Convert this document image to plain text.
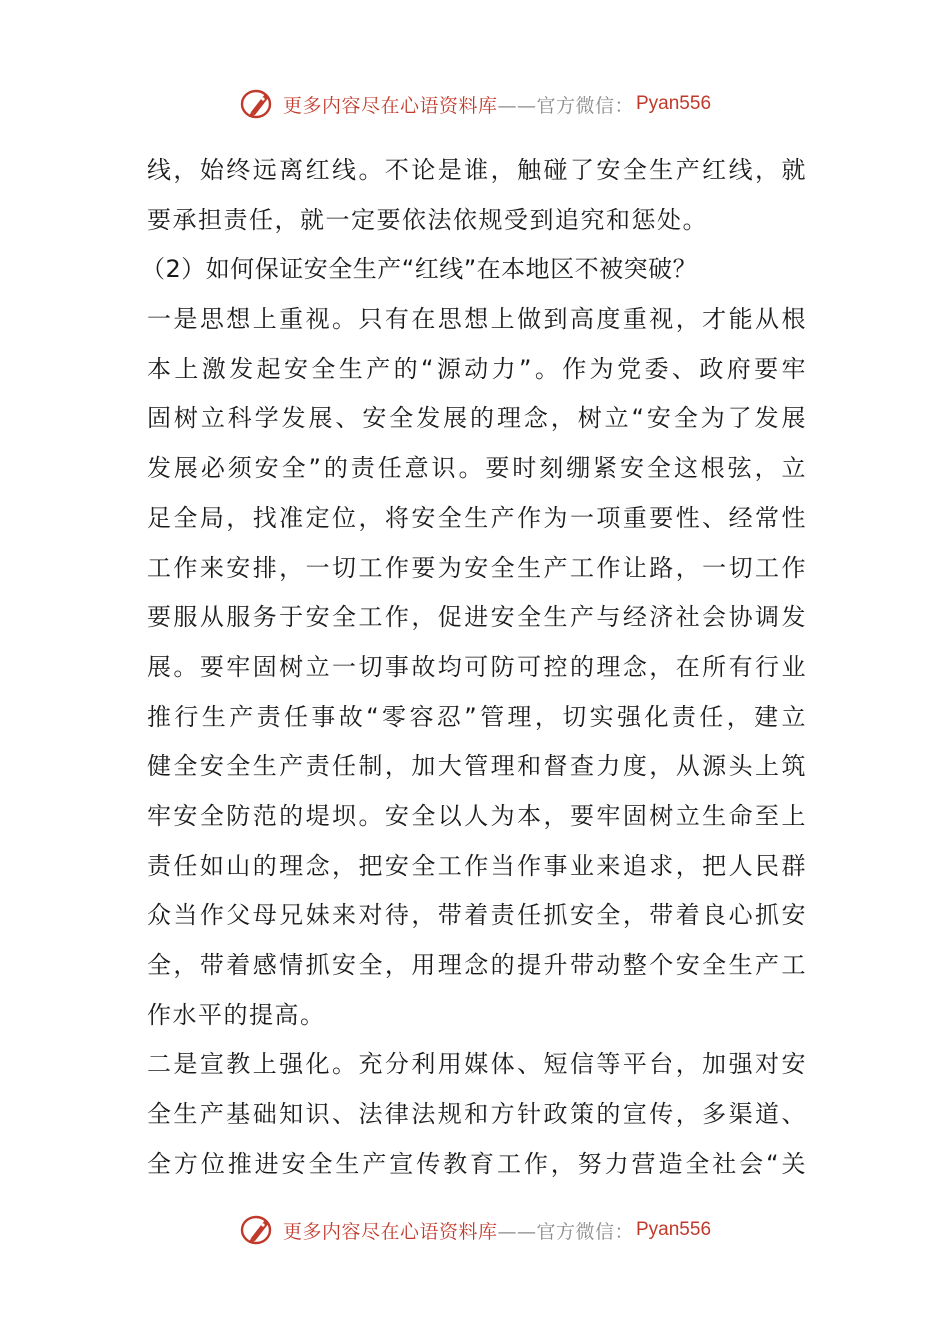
更多内容尽在心语资料库 ——官方微信： Pyan556
线，始终远离红线。不论是谁，触碰了安全生产红线，就
要承担责任，就一定要依法依规受到追究和惩处。
（2）如何保证安全生产“红线”在本地区不被突破？
一是思想上重视。只有在思想上做到高度重视，才能从根
本上激发起安全生产的“源动力”。作为党委、政府要牢
固树立科学发展、安全发展的理念，树立“安全为了发展
发展必须安全”的责任意识。要时刻绷紧安全这根弦，立
足全局，找准定位，将安全生产作为一项重要性、经常性
工作来安排，一切工作要为安全生产工作让路，一切工作
要服从服务于安全工作，促进安全生产与经济社会协调发
展。要牢固树立一切事故均可防可控的理念，在所有行业
推行生产责任事故“零容忍”管理，切实强化责任，建立
健全安全生产责任制，加大管理和督查力度，从源头上筑
牢安全防范的堤坝。安全以人为本，要牢固树立生命至上
责任如山的理念，把安全工作当作事业来追求，把人民群
众当作父母兄妹来对待，带着责任抓安全，带着良心抓安
全，带着感情抓安全，用理念的提升带动整个安全生产工
作水平的提高。
二是宣教上强化。充分利用媒体、短信等平台，加强对安
全生产基础知识、法律法规和方针政策的宣传，多渠道、
全方位推进安全生产宣传教育工作，努力营造全社会“关
更多内容尽在心语资料库 ——官方微信： Pyan556
